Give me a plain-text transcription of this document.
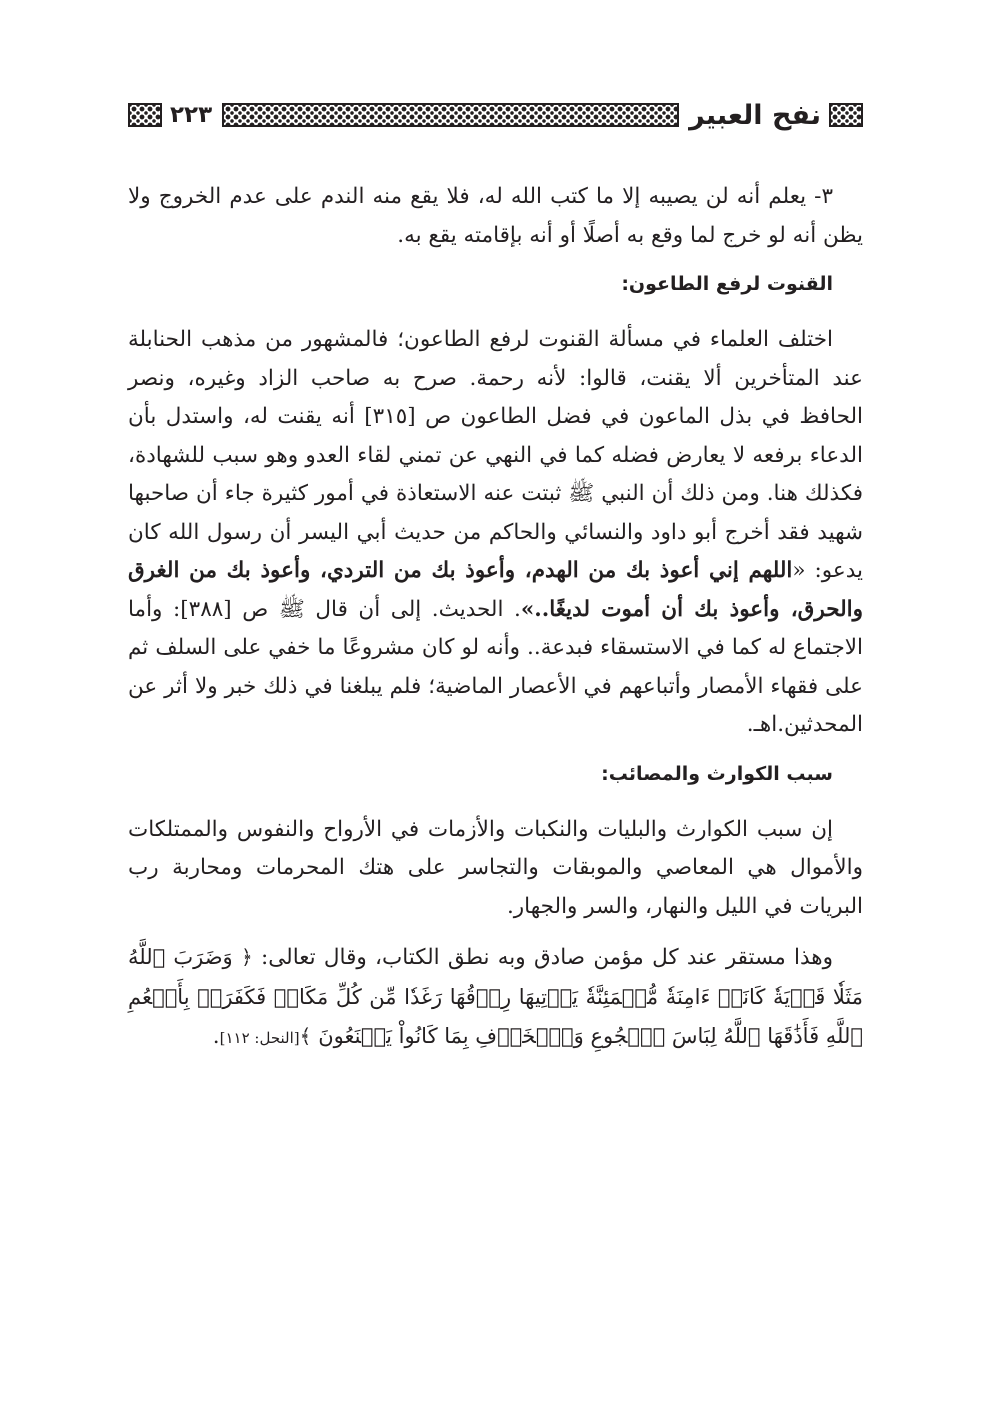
نفح العبير
٢٢٣

٣- يعلم أنه لن يصيبه إلا ما كتب الله له، فلا يقع منه الندم على عدم الخروج ولا يظن أنه لو خرج لما وقع به أصلًا أو أنه بإقامته يقع به.

القنوت لرفع الطاعون:

اختلف العلماء في مسألة القنوت لرفع الطاعون؛ فالمشهور من مذهب الحنابلة عند المتأخرين ألا يقنت، قالوا: لأنه رحمة. صرح به صاحب الزاد وغيره، ونصر الحافظ في بذل الماعون في فضل الطاعون ص [٣١٥] أنه يقنت له، واستدل بأن الدعاء برفعه لا يعارض فضله كما في النهي عن تمني لقاء العدو وهو سبب للشهادة، فكذلك هنا. ومن ذلك أن النبي ﷺ ثبتت عنه الاستعاذة في أمور كثيرة جاء أن صاحبها شهيد فقد أخرج أبو داود والنسائي والحاكم من حديث أبي اليسر أن رسول الله كان يدعو: «اللهم إني أعوذ بك من الهدم، وأعوذ بك من التردي، وأعوذ بك من الغرق والحرق، وأعوذ بك أن أموت لديغًا..». الحديث. إلى أن قال ﷺ ص [٣٨٨]: وأما الاجتماع له كما في الاستسقاء فبدعة.. وأنه لو كان مشروعًا ما خفي على السلف ثم على فقهاء الأمصار وأتباعهم في الأعصار الماضية؛ فلم يبلغنا في ذلك خبر ولا أثر عن المحدثين.اهـ.

سبب الكوارث والمصائب:

إن سبب الكوارث والبليات والنكبات والأزمات في الأرواح والنفوس والممتلكات والأموال هي المعاصي والموبقات والتجاسر على هتك المحرمات ومحاربة رب البريات في الليل والنهار، والسر والجهار.

وهذا مستقر عند كل مؤمن صادق وبه نطق الكتاب، وقال تعالى: ﴿ وَضَرَبَ ٱللَّهُ مَثَلٗا قَرۡيَةٗ كَانَتۡ ءَامِنَةٗ مُّطۡمَئِنَّةٗ يَأۡتِيهَا رِزۡقُهَا رَغَدٗا مِّن كُلِّ مَكَانٖ فَكَفَرَتۡ بِأَنۡعُمِ ٱللَّهِ فَأَذَٰقَهَا ٱللَّهُ لِبَاسَ ٱلۡجُوعِ وَٱلۡخَوۡفِ بِمَا كَانُواْ يَصۡنَعُونَ ﴾[النحل: ١١٢].
